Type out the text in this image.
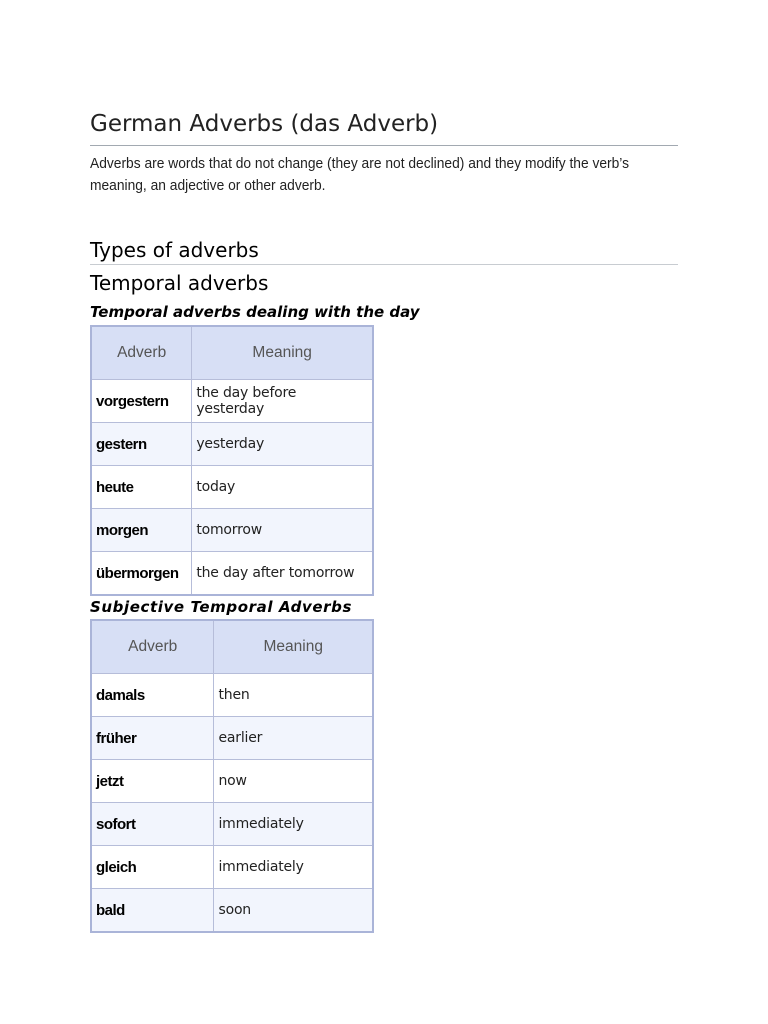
German Adverbs (das Adverb)

Adverbs are words that do not change (they are not declined) and they modify the verb’s meaning, an adjective or other adverb.

Types of adverbs
Temporal adverbs
Temporal adverbs dealing with the day
Adverb	Meaning
vorgestern	the day before yesterday
gestern	yesterday
heute	today
morgen	tomorrow
übermorgen	the day after tomorrow
Subjective Temporal Adverbs
Adverb	Meaning
damals	then
früher	earlier
jetzt	now
sofort	immediately
gleich	immediately
bald	soon
